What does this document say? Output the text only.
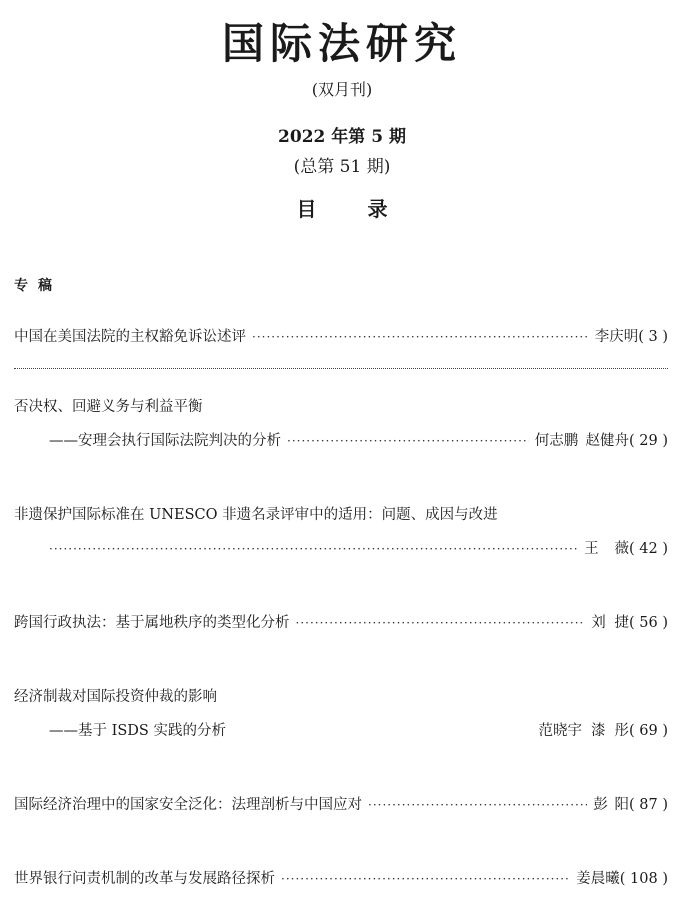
国际法研究
(双月刊)
2022 年第 5 期
(总第 51 期)
目 录
专稿
中国在美国法院的主权豁免诉讼述评 ·····	李庆明 ( 3 )
否决权、回避义务与利益平衡
——安理会执行国际法院判决的分析 ·····	何志鹏 赵健舟 ( 29 )
非遗保护国际标准在 UNESCO 非遗名录评审中的适用：问题、成因与改进
·····
王 薇 ( 42 )
跨国行政执法：基于属地秩序的类型化分析 ·····	刘 捷 ( 56 )
经济制裁对国际投资仲裁的影响
——基于 ISDS 实践的分析	范晓宇 漆 彤 ( 69 )
国际经济治理中的国家安全泛化：法理剖析与中国应对 ·····	彭 阳 ( 87 )
世界银行问责机制的改革与发展路径探析 ·····	姜晨曦 ( 108 )
